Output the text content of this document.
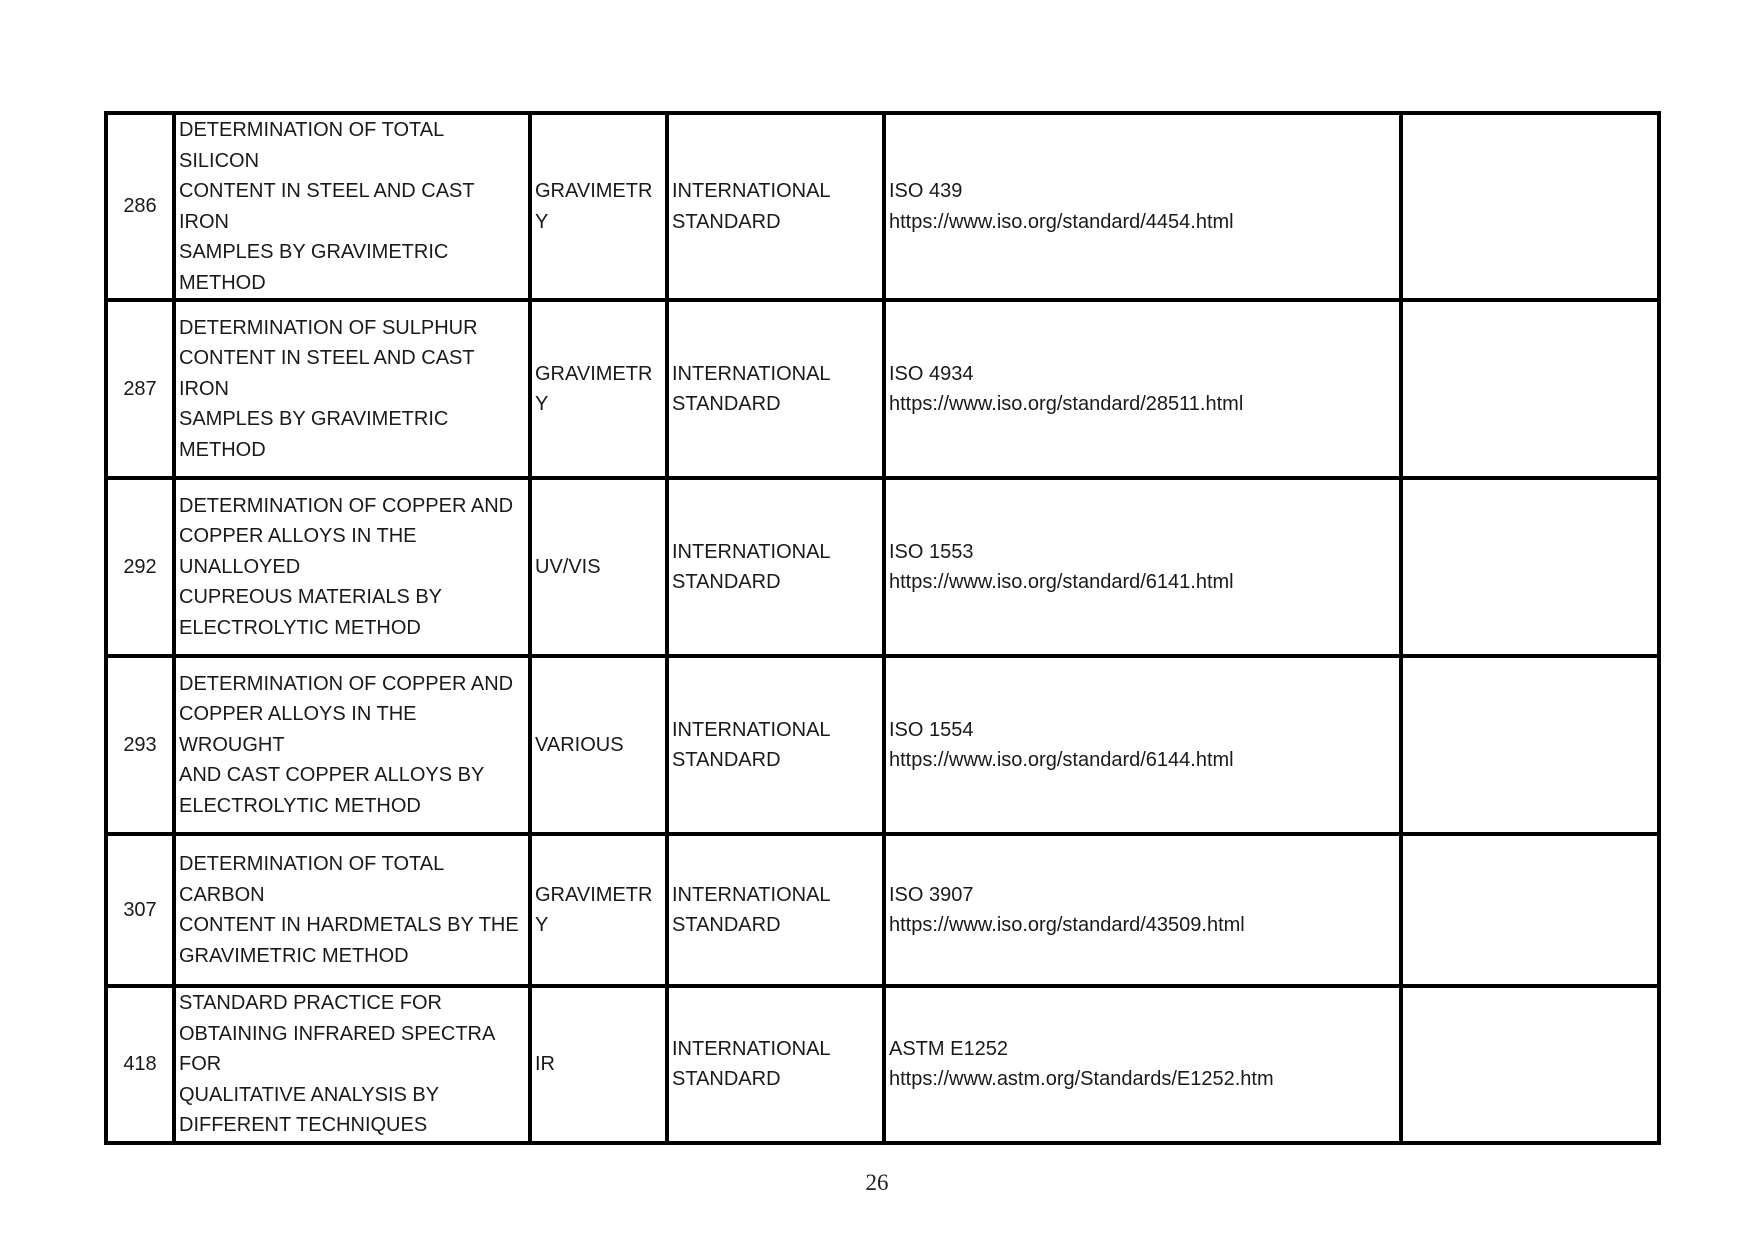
286	DETERMINATION OF TOTAL SILICON
CONTENT IN STEEL AND CAST IRON
SAMPLES BY GRAVIMETRIC METHOD	GRAVIMETRY	INTERNATIONAL
STANDARD	ISO 439
https://www.iso.org/standard/4454.html	
287	DETERMINATION OF SULPHUR
CONTENT IN STEEL AND CAST IRON
SAMPLES BY GRAVIMETRIC METHOD	GRAVIMETRY	INTERNATIONAL
STANDARD	ISO 4934
https://www.iso.org/standard/28511.html	
292	DETERMINATION OF COPPER AND
COPPER ALLOYS IN THE UNALLOYED
CUPREOUS MATERIALS BY
ELECTROLYTIC METHOD	UV/VIS	INTERNATIONAL
STANDARD	ISO 1553
https://www.iso.org/standard/6141.html	
293	DETERMINATION OF COPPER AND
COPPER ALLOYS IN THE WROUGHT
AND CAST COPPER ALLOYS BY
ELECTROLYTIC METHOD	VARIOUS	INTERNATIONAL
STANDARD	ISO 1554
https://www.iso.org/standard/6144.html	
307	DETERMINATION OF TOTAL CARBON
CONTENT IN HARDMETALS BY THE
GRAVIMETRIC METHOD	GRAVIMETRY	INTERNATIONAL
STANDARD	ISO 3907
https://www.iso.org/standard/43509.html	
418	STANDARD PRACTICE FOR
OBTAINING INFRARED SPECTRA FOR
QUALITATIVE ANALYSIS BY
DIFFERENT TECHNIQUES	IR	INTERNATIONAL
STANDARD	ASTM E1252
https://www.astm.org/Standards/E1252.htm	
26
